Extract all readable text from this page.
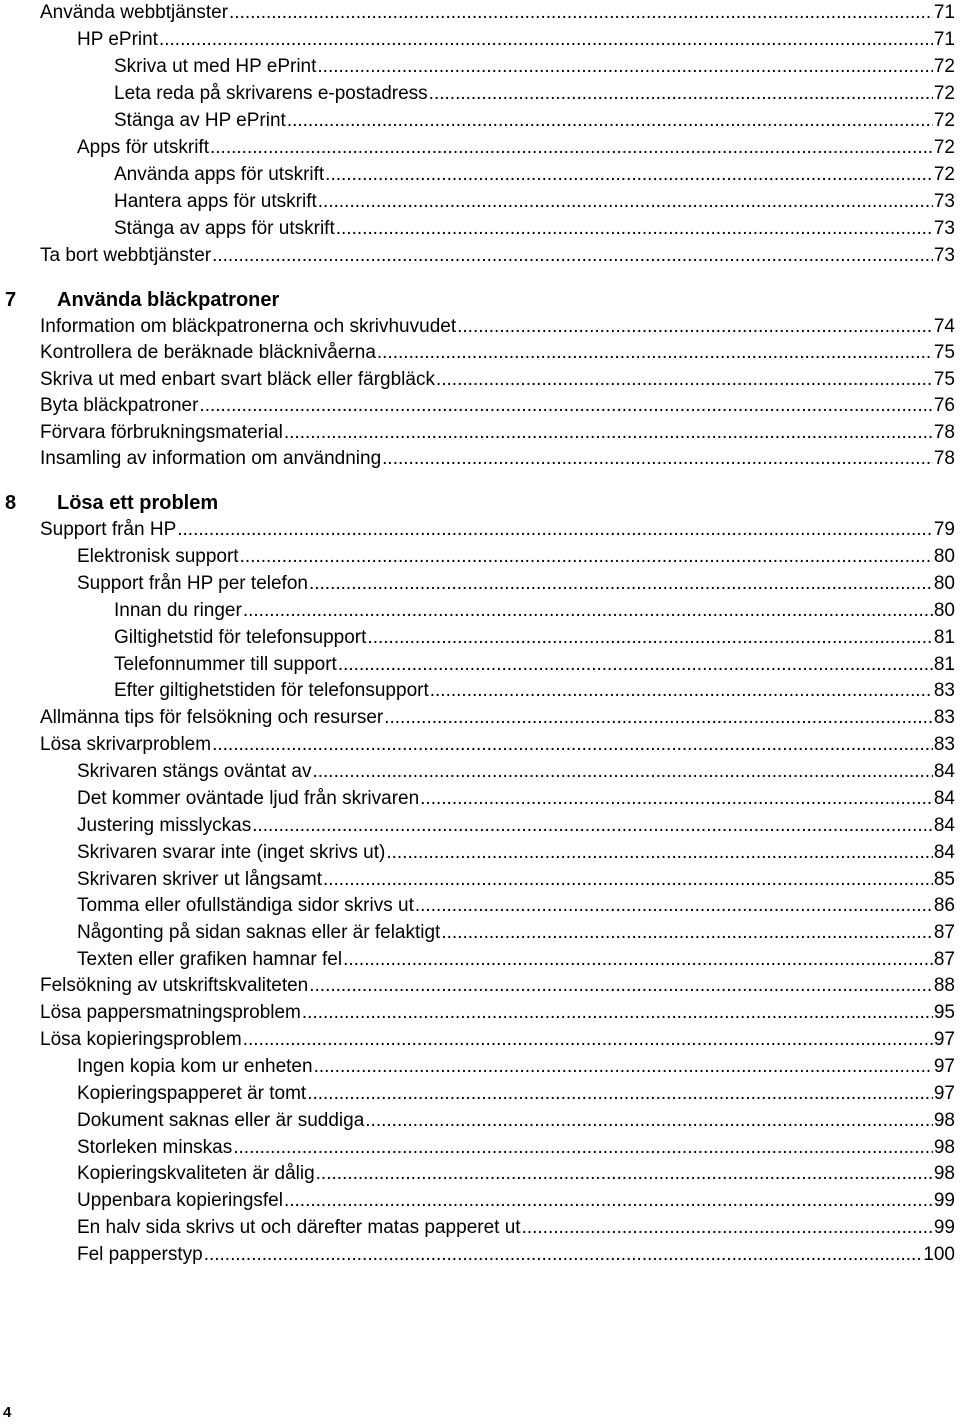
Använda webbtjänster .....	71
HP ePrint .....	71
Skriva ut med HP ePrint .....	72
Leta reda på skrivarens e-postadress .....	72
Stänga av HP ePrint .....	72
Apps för utskrift .....	72
Använda apps för utskrift .....	72
Hantera apps för utskrift .....	73
Stänga av apps för utskrift .....	73
Ta bort webbtjänster .....	73
7 Använda bläckpatroner
Information om bläckpatronerna och skrivhuvudet .....	74
Kontrollera de beräknade bläcknivåerna .....	75
Skriva ut med enbart svart bläck eller färgbläck .....	75
Byta bläckpatroner .....	76
Förvara förbrukningsmaterial .....	78
Insamling av information om användning .....	78
8 Lösa ett problem
Support från HP .....	79
Elektronisk support .....	80
Support från HP per telefon .....	80
Innan du ringer .....	80
Giltighetstid för telefonsupport .....	81
Telefonnummer till support .....	81
Efter giltighetstiden för telefonsupport .....	83
Allmänna tips för felsökning och resurser .....	83
Lösa skrivarproblem .....	83
Skrivaren stängs oväntat av .....	84
Det kommer oväntade ljud från skrivaren .....	84
Justering misslyckas .....	84
Skrivaren svarar inte (inget skrivs ut) .....	84
Skrivaren skriver ut långsamt .....	85
Tomma eller ofullständiga sidor skrivs ut .....	86
Någonting på sidan saknas eller är felaktigt .....	87
Texten eller grafiken hamnar fel .....	87
Felsökning av utskriftskvaliteten .....	88
Lösa pappersmatningsproblem .....	95
Lösa kopieringsproblem .....	97
Ingen kopia kom ur enheten .....	97
Kopieringspapperet är tomt .....	97
Dokument saknas eller är suddiga .....	98
Storleken minskas .....	98
Kopieringskvaliteten är dålig .....	98
Uppenbara kopieringsfel .....	99
En halv sida skrivs ut och därefter matas papperet ut .....	99
Fel papperstyp .....	100
4
